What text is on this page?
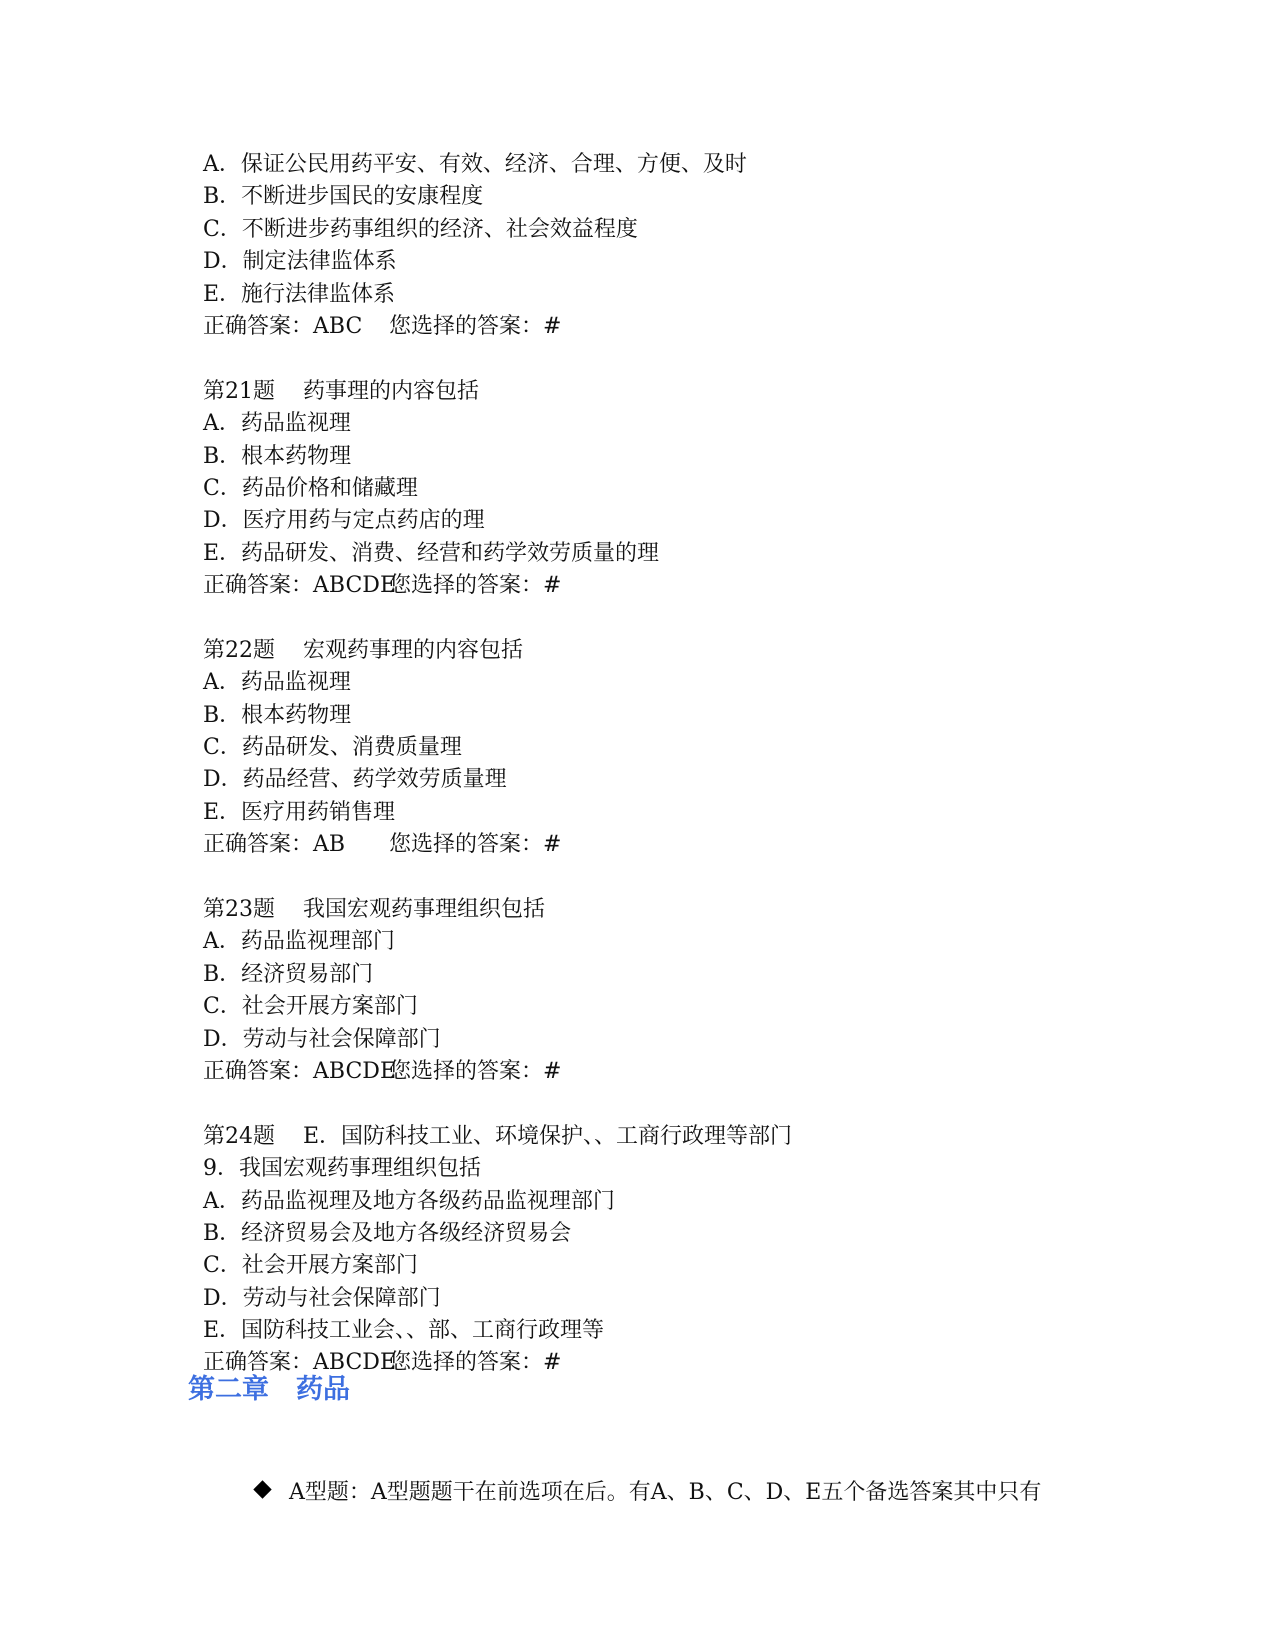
A．保证公民用药平安、有效、经济、合理、方便、及时
B．不断进步国民的安康程度
C．不断进步药事组织的经济、社会效益程度
D．制定法律监体系
E．施行法律监体系
正确答案：ABC 您选择的答案：#
第21题 药事理的内容包括
A．药品监视理
B．根本药物理
C．药品价格和储藏理
D．医疗用药与定点药店的理
E．药品研发、消费、经营和药学效劳质量的理
正确答案：ABCDE您选择的答案：#
第22题 宏观药事理的内容包括
A．药品监视理
B．根本药物理
C．药品研发、消费质量理
D．药品经营、药学效劳质量理
E．医疗用药销售理
正确答案：AB 您选择的答案：#
第23题 我国宏观药事理组织包括
A．药品监视理部门
B．经济贸易部门
C．社会开展方案部门
D．劳动与社会保障部门
正确答案：ABCDE您选择的答案：#
第24题 E．国防科技工业、环境保护、、工商行政理等部门
9．我国宏观药事理组织包括
A．药品监视理及地方各级药品监视理部门
B．经济贸易会及地方各级经济贸易会
C．社会开展方案部门
D．劳动与社会保障部门
E．国防科技工业会、、部、工商行政理等
正确答案：ABCDE您选择的答案：#
第二章　药品

A型题：A型题题干在前选项在后。有A、B、C、D、E五个备选答案其中只有
